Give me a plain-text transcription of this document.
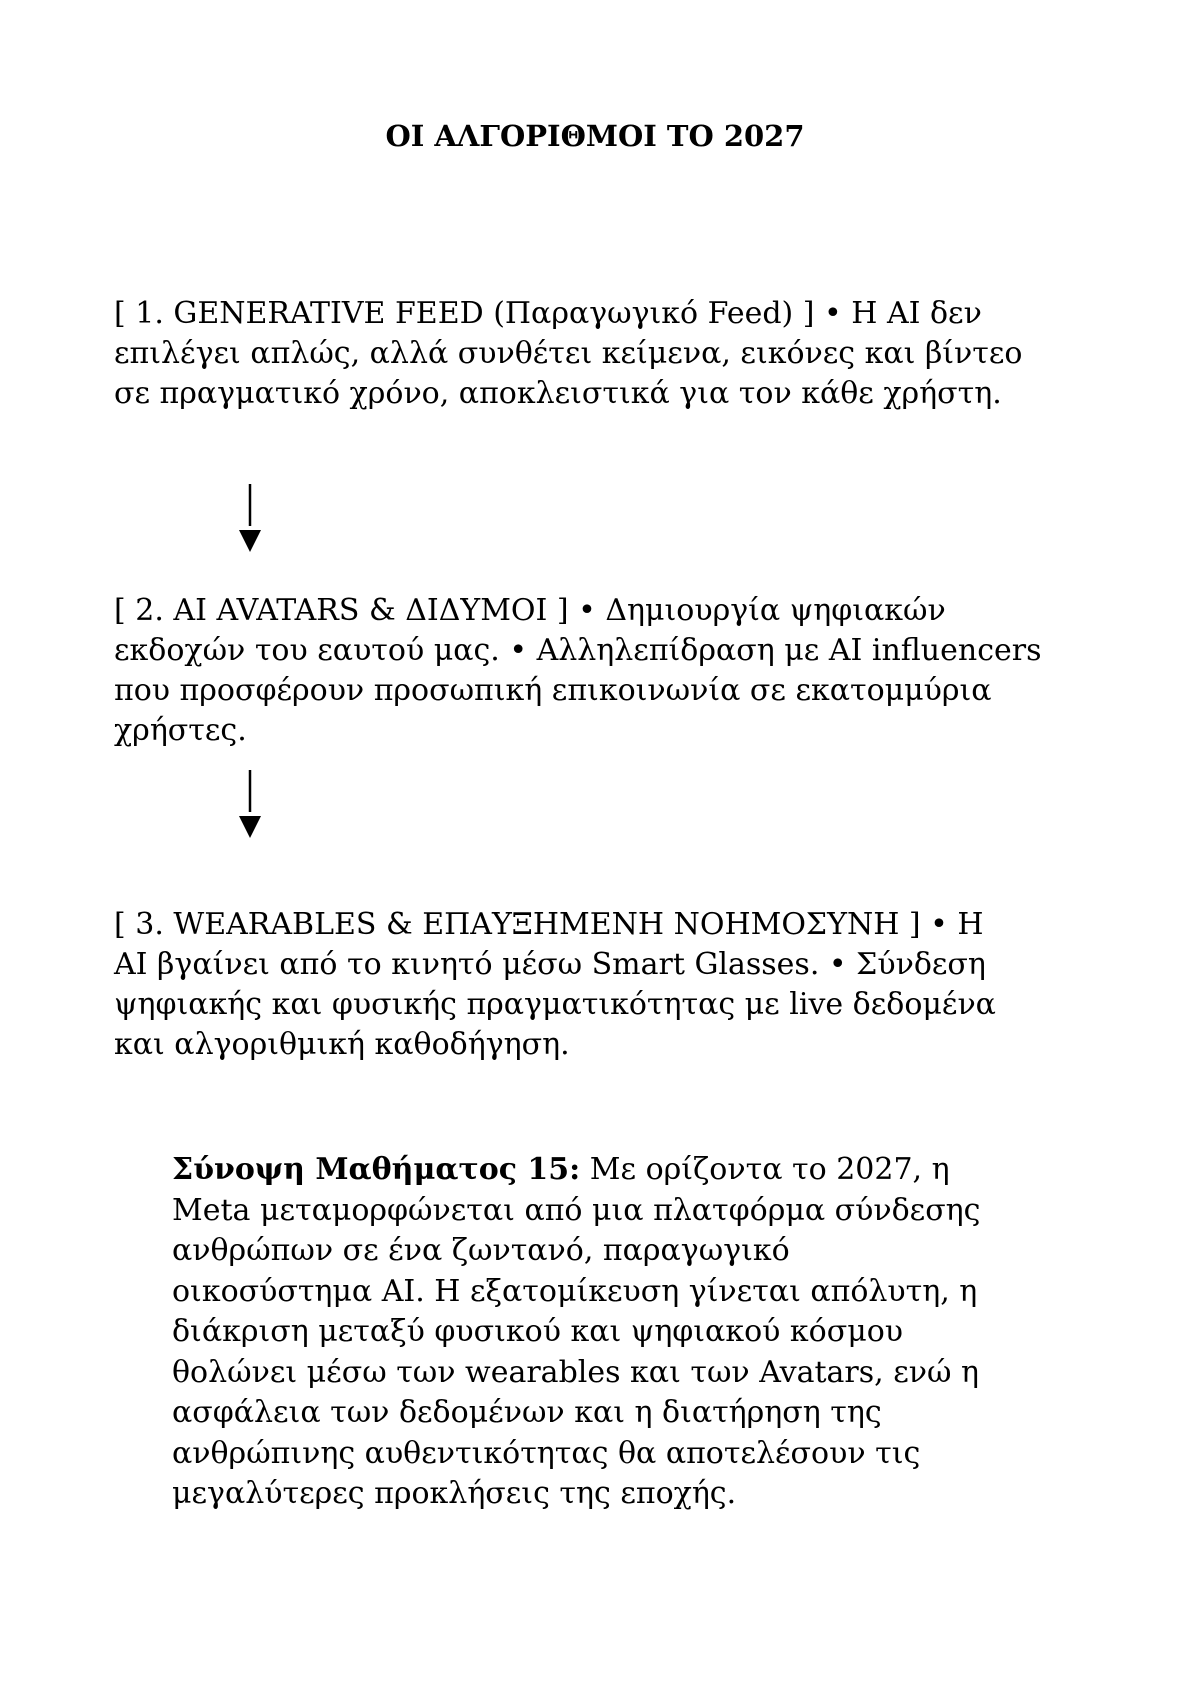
ΟΙ ΑΛΓΟΡΙΘΜΟΙ ΤΟ 2027
[ 1. GENERATIVE FEED (Παραγωγικό Feed) ] • Η AI δεν
επιλέγει απλώς, αλλά συνθέτει κείμενα, εικόνες και βίντεο
σε πραγματικό χρόνο, αποκλειστικά για τον κάθε χρήστη.
[ 2. AI AVATARS & ΔΙΔΥΜΟΙ ] • Δημιουργία ψηφιακών
εκδοχών του εαυτού μας. • Αλληλεπίδραση με AI influencers
που προσφέρουν προσωπική επικοινωνία σε εκατομμύρια
χρήστες.
[ 3. WEARABLES & ΕΠΑΥΞΗΜΕΝΗ ΝΟΗΜΟΣΥΝΗ ] • Η
AI βγαίνει από το κινητό μέσω Smart Glasses. • Σύνδεση
ψηφιακής και φυσικής πραγματικότητας με live δεδομένα
και αλγοριθμική καθοδήγηση.
Σύνοψη Μαθήματος 15: Με ορίζοντα το 2027, η
Meta μεταμορφώνεται από μια πλατφόρμα σύνδεσης
ανθρώπων σε ένα ζωντανό, παραγωγικό
οικοσύστημα AI. Η εξατομίκευση γίνεται απόλυτη, η
διάκριση μεταξύ φυσικού και ψηφιακού κόσμου
θολώνει μέσω των wearables και των Avatars, ενώ η
ασφάλεια των δεδομένων και η διατήρηση της
ανθρώπινης αυθεντικότητας θα αποτελέσουν τις
μεγαλύτερες προκλήσεις της εποχής.
